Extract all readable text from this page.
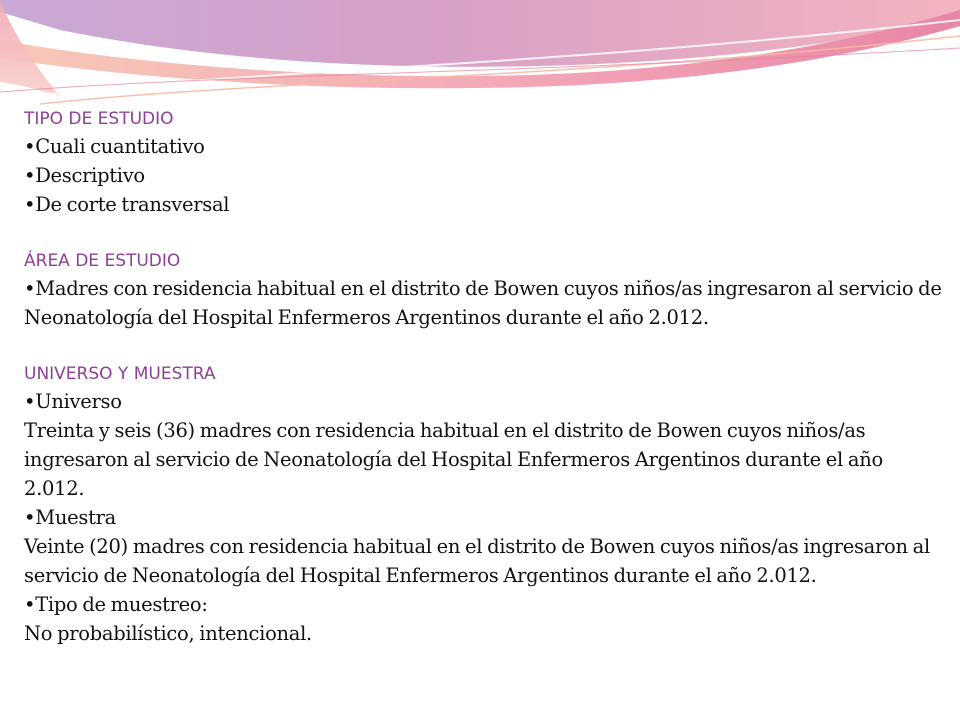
TIPO DE ESTUDIO
•Cuali cuantitativo
•Descriptivo
•De corte transversal
ÁREA DE ESTUDIO
•Madres con residencia habitual en el distrito de Bowen cuyos niños/as ingresaron al servicio de Neonatología del Hospital Enfermeros Argentinos durante el año 2.012.
UNIVERSO Y MUESTRA
•Universo
Treinta y seis (36) madres con residencia habitual en el distrito de Bowen cuyos niños/as ingresaron al servicio de Neonatología del Hospital Enfermeros Argentinos durante el año 2.012.
•Muestra
Veinte (20) madres con residencia habitual en el distrito de Bowen cuyos niños/as ingresaron al servicio de Neonatología del Hospital Enfermeros Argentinos durante el año 2.012.
•Tipo de muestreo:
No probabilístico, intencional.
